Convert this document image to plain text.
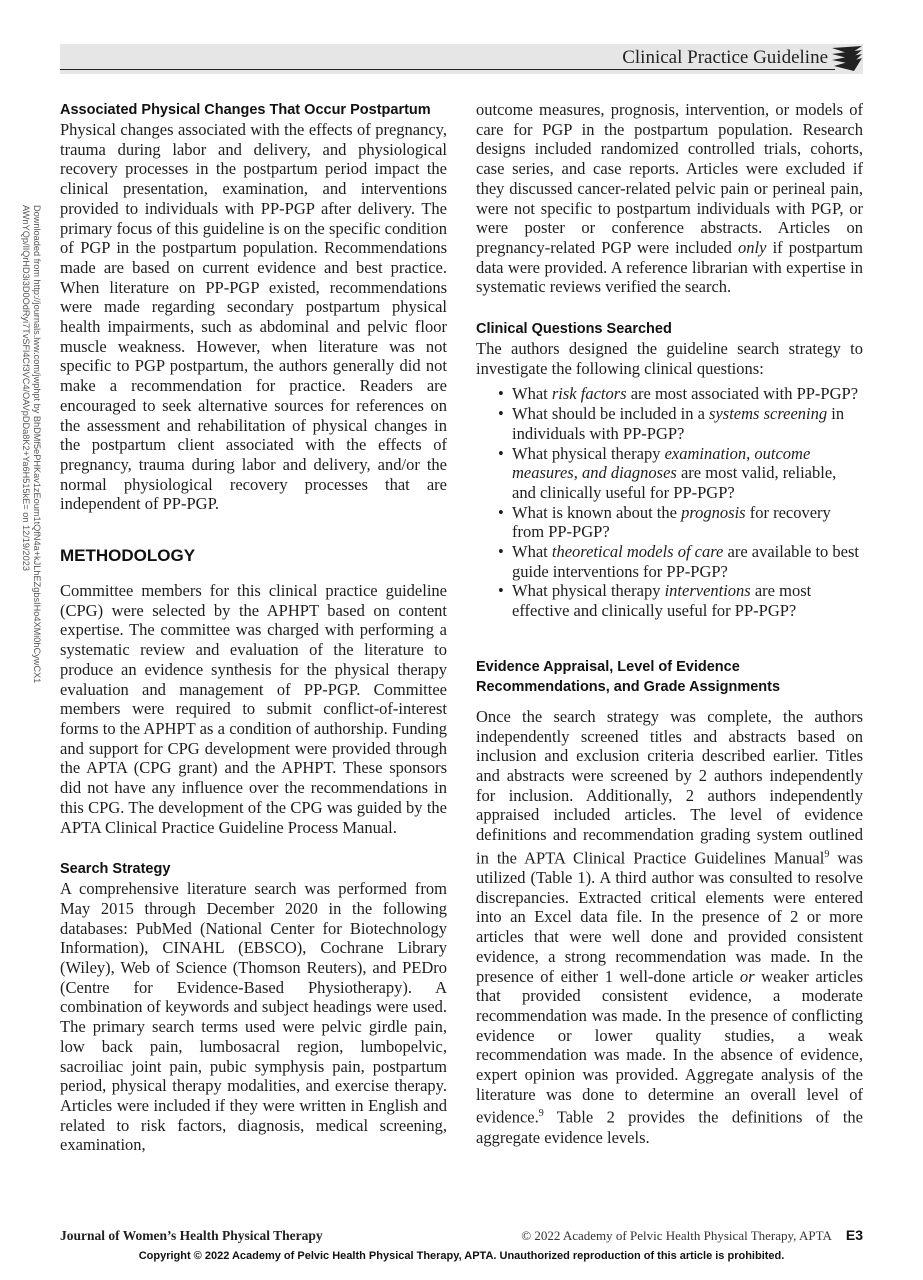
Clinical Practice Guideline
Downloaded from http://journals.lww.com/jwphpt by BhDMf5ePHKav1zEoum1tQfN4a+kJLhEZgbsIHo4XMi0hCywCX1
AWnYQp/IlQrHD3i3D0OdRyi7TvSFl4Cf3VC4/OAVpDDa8K2+Ya6H515kE= on 12/19/2023
Associated Physical Changes That Occur Postpartum

Physical changes associated with the effects of pregnancy, trauma during labor and delivery, and physiological recovery processes in the postpartum period impact the clinical presentation, examination, and interventions provided to individuals with PP-PGP after delivery. The primary focus of this guideline is on the specific condition of PGP in the postpartum population. Recommendations made are based on current evidence and best practice. When literature on PP-PGP existed, recommendations were made regarding secondary postpartum physical health impairments, such as abdominal and pelvic floor muscle weakness. However, when literature was not specific to PGP postpartum, the authors generally did not make a recommendation for practice. Readers are encouraged to seek alternative sources for references on the assessment and rehabilitation of physical changes in the postpartum client associated with the effects of pregnancy, trauma during labor and delivery, and/or the normal physiological recovery processes that are independent of PP-PGP.

METHODOLOGY

Committee members for this clinical practice guideline (CPG) were selected by the APHPT based on content expertise. The committee was charged with performing a systematic review and evaluation of the literature to produce an evidence synthesis for the physical therapy evaluation and management of PP-PGP. Committee members were required to submit conflict-of-interest forms to the APHPT as a condition of authorship. Funding and support for CPG development were provided through the APTA (CPG grant) and the APHPT. These sponsors did not have any influence over the recommendations in this CPG. The development of the CPG was guided by the APTA Clinical Practice Guideline Process Manual.

Search Strategy

A comprehensive literature search was performed from May 2015 through December 2020 in the following databases: PubMed (National Center for Biotechnology Information), CINAHL (EBSCO), Cochrane Library (Wiley), Web of Science (Thomson Reuters), and PEDro (Centre for Evidence-Based Physiotherapy). A combination of keywords and subject headings were used. The primary search terms used were pelvic girdle pain, low back pain, lumbosacral region, lumbopelvic, sacroiliac joint pain, pubic symphysis pain, postpartum period, physical therapy modalities, and exercise therapy. Articles were included if they were written in English and related to risk factors, diagnosis, medical screening, examination,

outcome measures, prognosis, intervention, or models of care for PGP in the postpartum population. Research designs included randomized controlled trials, cohorts, case series, and case reports. Articles were excluded if they discussed cancer-related pelvic pain or perineal pain, were not specific to postpartum individuals with PGP, or were poster or conference abstracts. Articles on pregnancy-related PGP were included only if postpartum data were provided. A reference librarian with expertise in systematic reviews verified the search.

Clinical Questions Searched

The authors designed the guideline search strategy to investigate the following clinical questions:

• What risk factors are most associated with PP-PGP?
• What should be included in a systems screening in individuals with PP-PGP?
• What physical therapy examination, outcome measures, and diagnoses are most valid, reliable, and clinically useful for PP-PGP?
• What is known about the prognosis for recovery from PP-PGP?
• What theoretical models of care are available to best guide interventions for PP-PGP?
• What physical therapy interventions are most effective and clinically useful for PP-PGP?
Evidence Appraisal, Level of Evidence Recommendations, and Grade Assignments

Once the search strategy was complete, the authors independently screened titles and abstracts based on inclusion and exclusion criteria described earlier. Titles and abstracts were screened by 2 authors independently for inclusion. Additionally, 2 authors independently appraised included articles. The level of evidence definitions and recommendation grading system outlined in the APTA Clinical Practice Guidelines Manual$^9$ was utilized (Table 1). A third author was consulted to resolve discrepancies. Extracted critical elements were entered into an Excel data file. In the presence of 2 or more articles that were well done and provided consistent evidence, a strong recommendation was made. In the presence of either 1 well-done article or weaker articles that provided consistent evidence, a moderate recommendation was made. In the presence of conflicting evidence or lower quality studies, a weak recommendation was made. In the absence of evidence, expert opinion was provided. Aggregate analysis of the literature was done to determine an overall level of evidence.$^9$ Table 2 provides the definitions of the aggregate evidence levels.

Journal of Women’s Health Physical Therapy	© 2022 Academy of Pelvic Health Physical Therapy, APTA E3
Copyright © 2022 Academy of Pelvic Health Physical Therapy, APTA. Unauthorized reproduction of this article is prohibited.
